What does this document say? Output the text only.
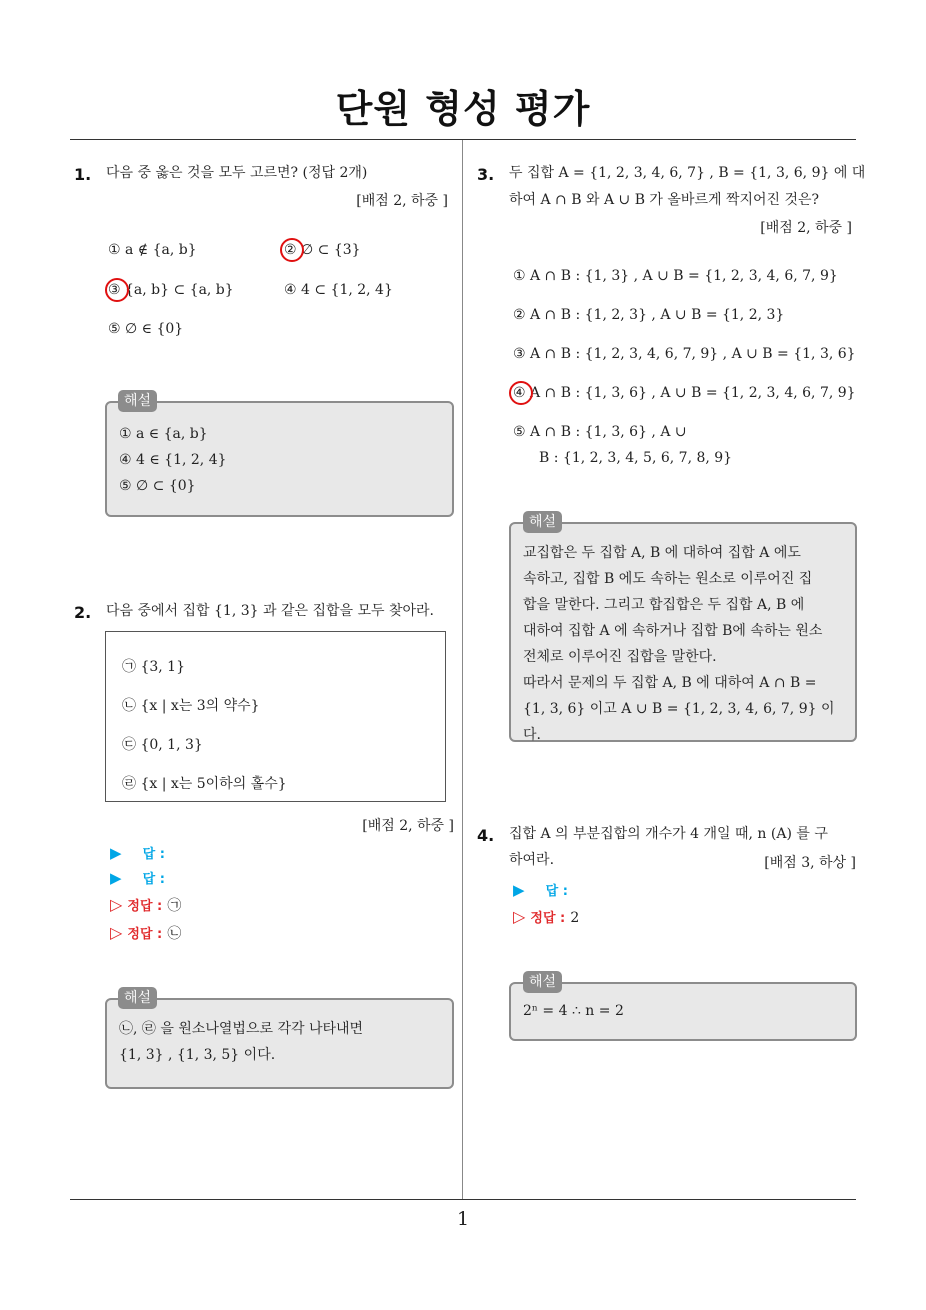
단원 형성 평가
1. 다음 중 옳은 것을 모두 고르면? (정답 2개)
[배점 2, 하중 ]
① a ∉ {a, b}	② ∅ ⊂ {3}
③ {a, b} ⊂ {a, b}	④ 4 ⊂ {1, 2, 4}
⑤ ∅ ∈ {0}
① a ∈ {a, b}
④ 4 ∈ {1, 2, 4}
⑤ ∅ ⊂ {0}
해설
2. 다음 중에서 집합 {1, 3} 과 같은 집합을 모두 찾아라.
㉠ {3, 1}
㉡ {x | x는 3의 약수}
㉢ {0, 1, 3}
㉣ {x | x는 5이하의 홀수}
[배점 2, 하중 ]
▶ 답 :
▶ 답 :
▷ 정답 : ㉠
▷ 정답 : ㉡
㉡, ㉣ 을 원소나열법으로 각각 나타내면
{1, 3} , {1, 3, 5} 이다.
해설
3. 두 집합 A = {1, 2, 3, 4, 6, 7} , B = {1, 3, 6, 9} 에 대
하여 A ∩ B 와 A ∪ B 가 올바르게 짝지어진 것은?
[배점 2, 하중 ]
① A ∩ B : {1, 3} , A ∪ B = {1, 2, 3, 4, 6, 7, 9}
② A ∩ B : {1, 2, 3} , A ∪ B = {1, 2, 3}
③ A ∩ B : {1, 2, 3, 4, 6, 7, 9} , A ∪ B = {1, 3, 6}
④ A ∩ B : {1, 3, 6} , A ∪ B = {1, 2, 3, 4, 6, 7, 9}
⑤ A ∩ B : {1, 3, 6} , A ∪
B : {1, 2, 3, 4, 5, 6, 7, 8, 9}
교집합은 두 집합 A, B 에 대하여 집합 A 에도
속하고, 집합 B 에도 속하는 원소로 이루어진 집
합을 말한다. 그리고 합집합은 두 집합 A, B 에
대하여 집합 A 에 속하거나 집합 B에 속하는 원소
전체로 이루어진 집합을 말한다.
따라서 문제의 두 집합 A, B 에 대하여 A ∩ B =
{1, 3, 6} 이고 A ∪ B = {1, 2, 3, 4, 6, 7, 9} 이다.
해설
4. 집합 A 의 부분집합의 개수가 4 개일 때, n (A) 를 구
하여라.	[배점 3, 하상 ]
▶ 답 :
▷ 정답 : 2
2ⁿ = 4 ∴ n = 2
해설
1
